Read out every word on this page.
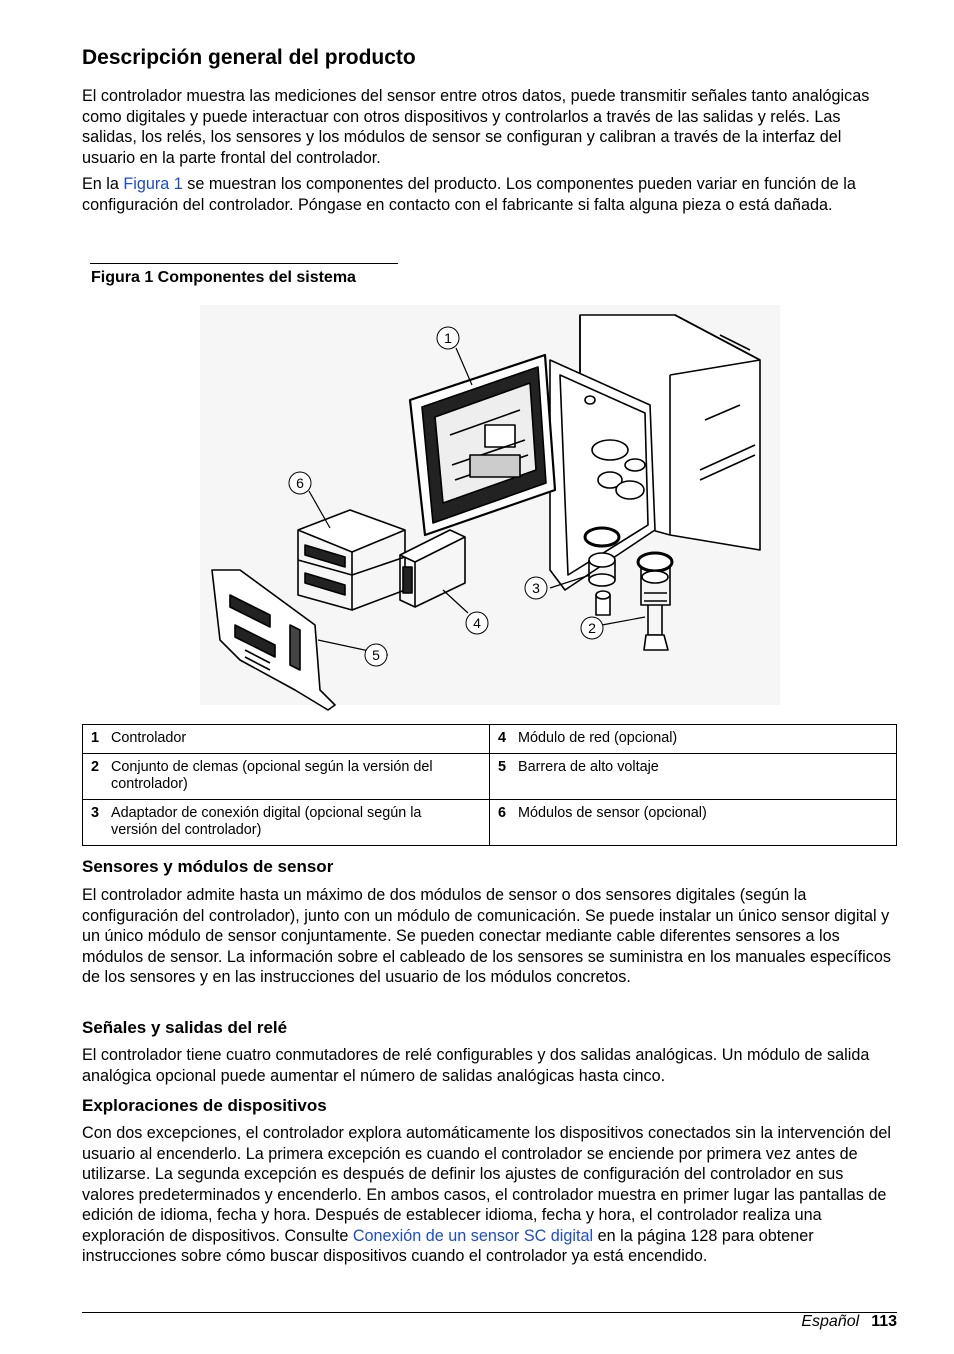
Descripción general del producto

El controlador muestra las mediciones del sensor entre otros datos, puede transmitir señales tanto analógicas como digitales y puede interactuar con otros dispositivos y controlarlos a través de las salidas y relés. Las salidas, los relés, los sensores y los módulos de sensor se configuran y calibran a través de la interfaz del usuario en la parte frontal del controlador.

En la Figura 1 se muestran los componentes del producto. Los componentes pueden variar en función de la configuración del controlador. Póngase en contacto con el fabricante si falta alguna pieza o está dañada.

Figura 1 Componentes del sistema
1
6
3
2
4
5
1 Controlador	4 Módulo de red (opcional)
2 Conjunto de clemas (opcional según la versión del controlador)	5 Barrera de alto voltaje
3 Adaptador de conexión digital (opcional según la versión del controlador)	6 Módulos de sensor (opcional)
Sensores y módulos de sensor

El controlador admite hasta un máximo de dos módulos de sensor o dos sensores digitales (según la configuración del controlador), junto con un módulo de comunicación. Se puede instalar un único sensor digital y un único módulo de sensor conjuntamente. Se pueden conectar mediante cable diferentes sensores a los módulos de sensor. La información sobre el cableado de los sensores se suministra en los manuales específicos de los sensores y en las instrucciones del usuario de los módulos concretos.

Señales y salidas del relé

El controlador tiene cuatro conmutadores de relé configurables y dos salidas analógicas. Un módulo de salida analógica opcional puede aumentar el número de salidas analógicas hasta cinco.

Exploraciones de dispositivos

Con dos excepciones, el controlador explora automáticamente los dispositivos conectados sin la intervención del usuario al encenderlo. La primera excepción es cuando el controlador se enciende por primera vez antes de utilizarse. La segunda excepción es después de definir los ajustes de configuración del controlador en sus valores predeterminados y encenderlo. En ambos casos, el controlador muestra en primer lugar las pantallas de edición de idioma, fecha y hora. Después de establecer idioma, fecha y hora, el controlador realiza una exploración de dispositivos. Consulte Conexión de un sensor SC digital en la página 128 para obtener instrucciones sobre cómo buscar dispositivos cuando el controlador ya está encendido.

Español 113
